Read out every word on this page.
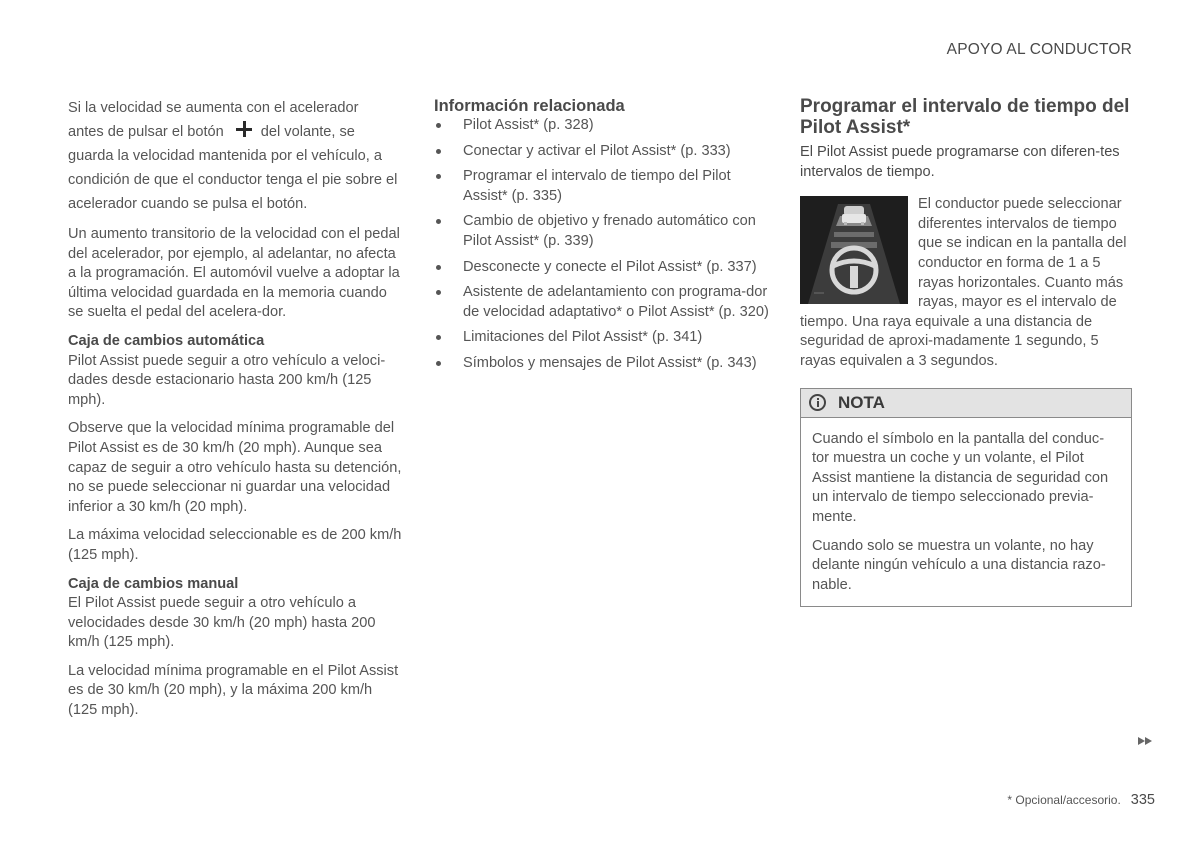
APOYO AL CONDUCTOR

Si la velocidad se aumenta con el acelerador
antes de pulsar el botón	del volante, se guarda la velocidad mantenida por el vehículo, a condición de que el conductor tenga el pie sobre el acelerador cuando se pulsa el botón.

Un aumento transitorio de la velocidad con el pedal del acelerador, por ejemplo, al adelantar, no afecta a la programación. El automóvil vuelve a adoptar la última velocidad guardada en la memoria cuando se suelta el pedal del acelera-dor.

Caja de cambios automática

Pilot Assist puede seguir a otro vehículo a veloci-dades desde estacionario hasta 200 km/h (125 mph).

Observe que la velocidad mínima programable del Pilot Assist es de 30 km/h (20 mph). Aunque sea capaz de seguir a otro vehículo hasta su detención, no se puede seleccionar ni guardar una velocidad inferior a 30 km/h (20 mph).

La máxima velocidad seleccionable es de 200 km/h (125 mph).

Caja de cambios manual

El Pilot Assist puede seguir a otro vehículo a velocidades desde 30 km/h (20 mph) hasta 200 km/h (125 mph).

La velocidad mínima programable en el Pilot Assist es de 30 km/h (20 mph), y la máxima 200 km/h (125 mph).

Información relacionada
Pilot Assist* (p. 328)
Conectar y activar el Pilot Assist* (p. 333)
Programar el intervalo de tiempo del Pilot Assist* (p. 335)
Cambio de objetivo y frenado automático con Pilot Assist* (p. 339)
Desconecte y conecte el Pilot Assist* (p. 337)
Asistente de adelantamiento con programa-dor de velocidad adaptativo* o Pilot Assist* (p. 320)
Limitaciones del Pilot Assist* (p. 341)
Símbolos y mensajes de Pilot Assist* (p. 343)
Programar el intervalo de tiempo del Pilot Assist*

El Pilot Assist puede programarse con diferen-tes intervalos de tiempo.

El conductor puede seleccionar diferentes intervalos de tiempo que se indican en la pantalla del conductor en forma de 1 a 5 rayas horizontales. Cuanto más rayas, mayor es el intervalo de tiempo. Una raya equivale a una distancia de seguridad de aproxi-madamente 1 segundo, 5 rayas equivalen a 3 segundos.

NOTA

Cuando el símbolo en la pantalla del conduc-tor muestra un coche y un volante, el Pilot Assist mantiene la distancia de seguridad con un intervalo de tiempo seleccionado previa-mente.

Cuando solo se muestra un volante, no hay delante ningún vehículo a una distancia razo-nable.

* Opcional/accesorio. 335
